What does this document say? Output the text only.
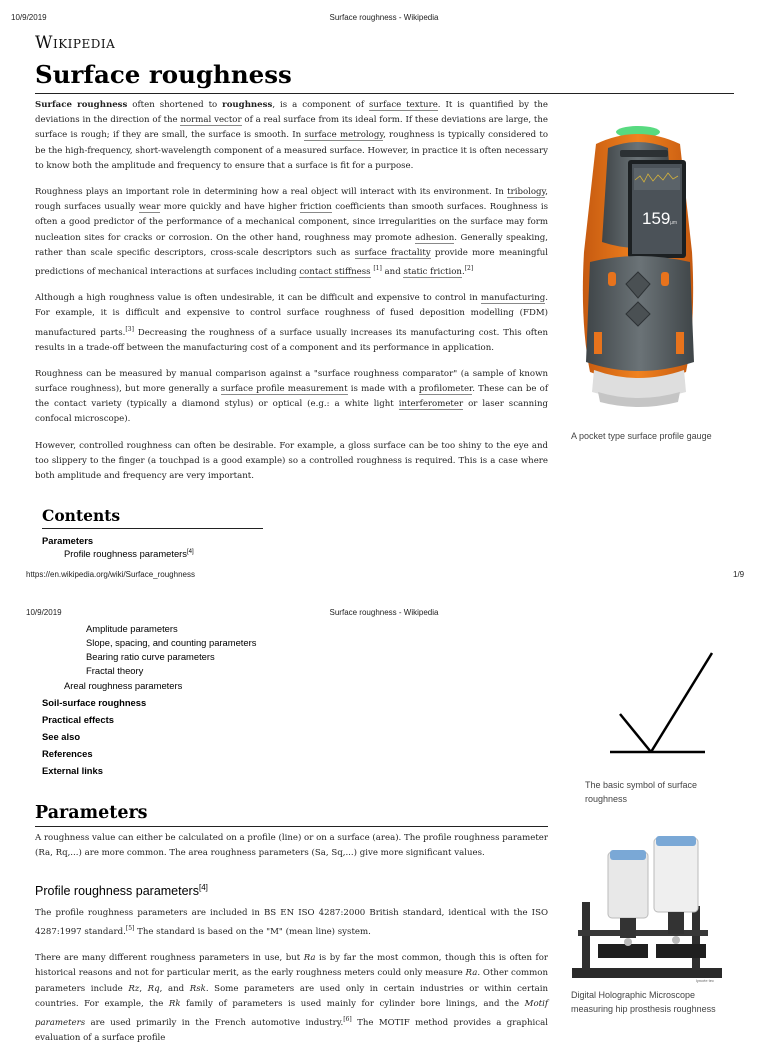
10/9/2019	Surface roughness - Wikipedia
Wikipedia
Surface roughness

Surface roughness often shortened to roughness, is a component of surface texture. It is quantified by the deviations in the direction of the normal vector of a real surface from its ideal form. If these deviations are large, the surface is rough; if they are small, the surface is smooth. In surface metrology, roughness is typically considered to be the high-frequency, short-wavelength component of a measured surface. However, in practice it is often necessary to know both the amplitude and frequency to ensure that a surface is fit for a purpose.

Roughness plays an important role in determining how a real object will interact with its environment. In tribology, rough surfaces usually wear more quickly and have higher friction coefficients than smooth surfaces. Roughness is often a good predictor of the performance of a mechanical component, since irregularities on the surface may form nucleation sites for cracks or corrosion. On the other hand, roughness may promote adhesion. Generally speaking, rather than scale specific descriptors, cross-scale descriptors such as surface fractality provide more meaningful predictions of mechanical interactions at surfaces including contact stiffness [1] and static friction.[2]

Although a high roughness value is often undesirable, it can be difficult and expensive to control in manufacturing. For example, it is difficult and expensive to control surface roughness of fused deposition modelling (FDM) manufactured parts.[3] Decreasing the roughness of a surface usually increases its manufacturing cost. This often results in a trade-off between the manufacturing cost of a component and its performance in application.

Roughness can be measured by manual comparison against a "surface roughness comparator" (a sample of known surface roughness), but more generally a surface profile measurement is made with a profilometer. These can be of the contact variety (typically a diamond stylus) or optical (e.g.: a white light interferometer or laser scanning confocal microscope).

However, controlled roughness can often be desirable. For example, a gloss surface can be too shiny to the eye and too slippery to the finger (a touchpad is a good example) so a controlled roughness is required. This is a case where both amplitude and frequency are very important.

159 µm
A pocket type surface profile gauge
Contents
Parameters
Profile roughness parameters[4]
https://en.wikipedia.org/wiki/Surface_roughness	1/9
10/9/2019	Surface roughness - Wikipedia
Amplitude parameters
Slope, spacing, and counting parameters
Bearing ratio curve parameters
Fractal theory
Areal roughness parameters
Soil-surface roughness
Practical effects
See also
References
External links
The basic symbol of surface roughness
Parameters

A roughness value can either be calculated on a profile (line) or on a surface (area). The profile roughness parameter (Ra, Rq,...) are more common. The area roughness parameters (Sa, Sq,...) give more significant values.

Profile roughness parameters[4]

The profile roughness parameters are included in BS EN ISO 4287:2000 British standard, identical with the ISO 4287:1997 standard.[5] The standard is based on the "M" (mean line) system.

There are many different roughness parameters in use, but Ra is by far the most common, though this is often for historical reasons and not for particular merit, as the early roughness meters could only measure Ra. Other common parameters include Rz, Rq, and Rsk. Some parameters are used only in certain industries or within certain countries. For example, the Rk family of parameters is used mainly for cylinder bore linings, and the Motif parameters are used primarily in the French automotive industry.[6] The MOTIF method provides a graphical evaluation of a surface profile

lyncée tec
Digital Holographic Microscope measuring hip prosthesis roughness
